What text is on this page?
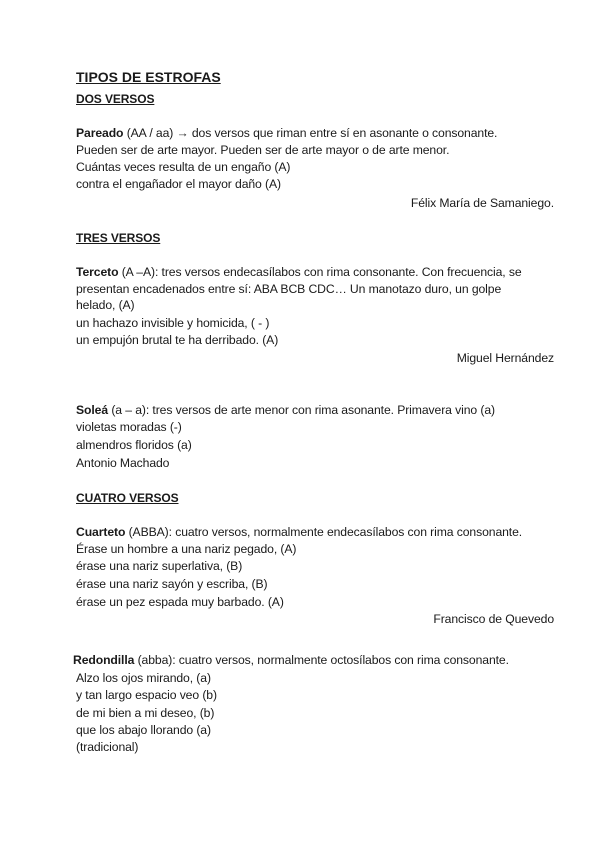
TIPOS DE ESTROFAS
DOS VERSOS
Pareado (AA / aa) → dos versos que riman entre sí en asonante o consonante.
Pueden ser de arte mayor. Pueden ser de arte mayor o de arte menor.
Cuántas veces resulta de un engaño (A)
contra el engañador el mayor daño (A)
Félix María de Samaniego.
TRES VERSOS
Terceto (A –A): tres versos endecasílabos con rima consonante. Con frecuencia, se
presentan encadenados entre sí: ABA BCB CDC… Un manotazo duro, un golpe
helado, (A)
un hachazo invisible y homicida, ( - )
un empujón brutal te ha derribado. (A)
Miguel Hernández
Soleá (a – a): tres versos de arte menor con rima asonante. Primavera vino (a)
violetas moradas (-)
almendros floridos (a)
Antonio Machado
CUATRO VERSOS
Cuarteto (ABBA): cuatro versos, normalmente endecasílabos con rima consonante.
Érase un hombre a una nariz pegado, (A)
érase una nariz superlativa, (B)
érase una nariz sayón y escriba, (B)
érase un pez espada muy barbado. (A)
Francisco de Quevedo
Redondilla (abba): cuatro versos, normalmente octosílabos con rima consonante.
Alzo los ojos mirando, (a)
y tan largo espacio veo (b)
de mi bien a mi deseo, (b)
que los abajo llorando (a)
(tradicional)
